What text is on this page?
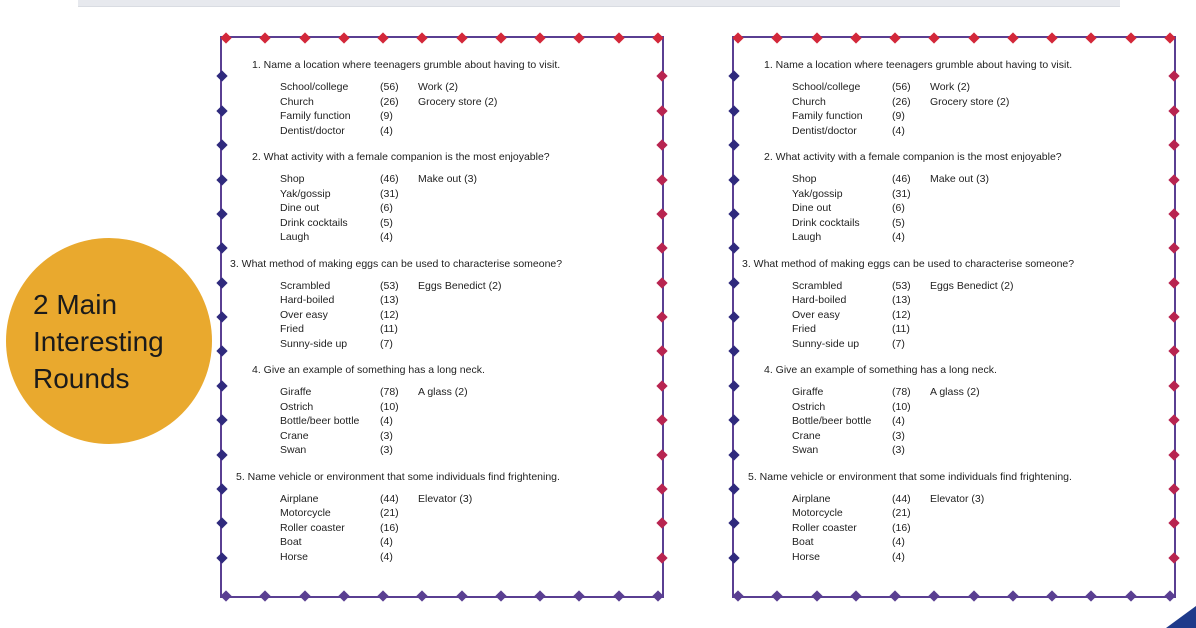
2 Main
Interesting
Rounds

1. Name a location where teenagers grumble about having to visit.

School/college	(56)	Work (2)
Church	(26)	Grocery store (2)
Family function	(9)
Dentist/doctor	(4)

2. What activity with a female companion is the most enjoyable?

Shop	(46)	Make out (3)
Yak/gossip	(31)
Dine out	(6)
Drink cocktails	(5)
Laugh	(4)

3. What method of making eggs can be used to characterise someone?

Scrambled	(53)	Eggs Benedict (2)
Hard-boiled	(13)
Over easy	(12)
Fried	(11)
Sunny-side up	(7)

4. Give an example of something has a long neck.

Giraffe	(78)	A glass (2)
Ostrich	(10)
Bottle/beer bottle	(4)
Crane	(3)
Swan	(3)

5. Name vehicle or environment that some individuals find frightening.

Airplane	(44)	Elevator (3)
Motorcycle	(21)
Roller coaster	(16)
Boat	(4)
Horse	(4)

1. Name a location where teenagers grumble about having to visit.

School/college	(56)	Work (2)
Church	(26)	Grocery store (2)
Family function	(9)
Dentist/doctor	(4)

2. What activity with a female companion is the most enjoyable?

Shop	(46)	Make out (3)
Yak/gossip	(31)
Dine out	(6)
Drink cocktails	(5)
Laugh	(4)

3. What method of making eggs can be used to characterise someone?

Scrambled	(53)	Eggs Benedict (2)
Hard-boiled	(13)
Over easy	(12)
Fried	(11)
Sunny-side up	(7)

4. Give an example of something has a long neck.

Giraffe	(78)	A glass (2)
Ostrich	(10)
Bottle/beer bottle	(4)
Crane	(3)
Swan	(3)

5. Name vehicle or environment that some individuals find frightening.

Airplane	(44)	Elevator (3)
Motorcycle	(21)
Roller coaster	(16)
Boat	(4)
Horse	(4)
